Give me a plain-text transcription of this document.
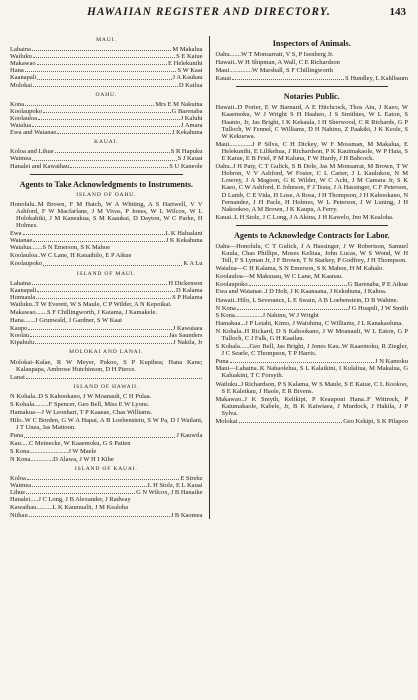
HAWAIIAN REGISTER AND DIRECTORY.	143
MAUI.
Lahaina	M Makalua
Wailuku	S E Kaiue
Makawao	E Helekunihi
Hana	S W Kaai
Kaanapali	J A Kaukau
Molokai	D Kailua
OAHU.
Kona	Mrs E M Nakuina
Koolaupoko	G Barenaba
Koolauloa	J Kaluhi
Waialua	J Amara
Ewa and Waianae	J Kekahuna
KAUAI.
Koloa and Lihue	S R Hapuku
Waimea	S J Kauai
Hanalei and Kawaihau	S U Kaneole
Agents to Take Acknowledgments to Instruments.
ISLAND OF OAHU.
Honolulu..M Brown, F M Hatch, W A Whiting, A S Hartwell, V V Ashford, F W Macfarlane, J M Vivas, P Jones, W L Wilcox, W L Holokahiki, J M Kaneakua, S M Kaaukai, D Dayton, W C Parke, H Holmes.
Ewa	L K Halualani
Waianae	J K Kekahuna
Waialua.......S N Emerson, S K Mahoe
Koolauloa..W C Lane, H Kauaihilo, E P Aikue
Koolaupoko	K A Lu
ISLAND OF MAUI.
Lahaina	H Dickenson
Kaanapali	D Kalama
Honuaula	S P Halama
Wailuku..T W Everett, W S Maule, C P Wilder, A N Kepoikai.
Makawao.......S F Chillingworth, J Kaiama, J Kamakele.
Hana.......J Grunwald, J Gardner, S W Kaai
Kaupo	J Kawaiaea
Koolau	Jas Saunders
Kipahulu	J Nakila, Jr
MOLOKAI AND LANAI.
Molokai–Kalae, R W Meyer, Pukoo, S P Kupihea; Hana Kane; Kalaupapa, Ambrose Hutchinson, D H Pierce.
Lanai
ISLAND OF HAWAII.
N Kohala..D S Kahookano, J W Moanauli, C H Pulaa.
S Kohala.........F Spencer, Geo Bell, Miss E W Lyons.
Hamakua—J W Leonhart, T P Kaaeae, Chas Williams.
Hilo..W C Borden, G W A Hapai, A B Loebenstein, S W Pa, D I Wailani, J T Unea, Jas Mattoon.
Puna	J Kauwila
Kau.....C Meinecke, W Kaaemoku, G S Patten
S Kona........................J W Maele
N Kona..............D Alawa, J W H I Kihe
ISLAND OF KAUAI.
Koloa	E Strehz
Waimea	L H Stolz, E L Kauai
Lihue	G N Wilcox, J B Hanaike
Hanalei.....J C Long, J B Alexander, J Radway
Kawaihau..........L K Kaumualii, J M Kealoha
Niihau	J B Kaomea
Inspectors of Animals.
Oahu.......W T Monsarratt, V S, P Isenberg Jr.
Hawaii..W H Shipman, A Wall, C E Richardson
Maui..............W Marshall, S F Chillingworth
Kauai	S Hundley, L Kahlbaum
Notaries Public.
Hawaii..D Porter, E W Barnard, A E Hitchcock, Thos Aiu, J Kaeo, W Kaaemoku, W J Wright S H Haaheo, J S Smithies, W L Eaton, S Haanio, Jr, Jas Bright, I K Kekaula, I H Sherwood, C R Richards, G P Tulloch, W Fennel, C Williams, D H Nahinu, Z Paakiki, J K Keole, S W Kekuewa.
Maui..............J P Silva, C H Dickey, W F Mossman, M Makalua, E Helekunihi, E Lilikehua, J Richardson, P K Kauimakaole, W P Haia, S E Kaiue, E B Friel, P M Kaluna, F W Hardy, J H Babcock.
Oahu..J H Paty, C T Gulick, S B Dole, Jas M Monsarrat, M Brown, T W Hobron, V V Ashford, W Foster, C L Carter, J L Kaulukou, N M Lowrey, J A Magoon, G K Wilder, W C Achi, J M Camara Jr, S K Kaeo, C W Ashford, E Johnson, F J Testa, J A Hassinger, C F Peterson, D Lamb, C E Vida, H Lose, A Rosa, J H Thompson, J H Kahookano, N Fernandez, J H Pacle, H Holmes, W L Peterson, J W Luning, J H Nakookoo, A M Brown, J K Kaupu, A Ferry.
Kauai..L H Stolz, J C Long, J A Akina, J H Kawelo, Jno M Kealoha.
Agents to Acknowledge Contracts for Labor.
Oahu—Honolulu, C T Gulick, J A Hassinger, J W Robertson, Samuel Kuula, Chas Phillips, Moses Keliiaa, John Lucas, W S Wond, W H Tell, F S Lyman Jr, J F Brown, T N Starkey, P Godfrey, J H Thompson.
Waialua—C H Kalama, S N Emerson, S K Mahoe, H M Kahalo.
Koolauloa—M Makuuau, W C Lane, M Kaanau.
Koolaupoko	G Barenaba, P E Aikue
Ewa and Waianae..J D Holt, J K Kaanaana, J Kekuhuna, J Kahoa.
Hawaii..Hilo, L Severance, L E Swain, A B Loebenstein, D B Wahine.
N Kona	J G Hoapili, J W Smith
S Kona.................J Nahinu, W J Wright
Hamakua...J P Leiahi, Kimo, J Waiohinu, C Williams, J L Kanakaoluna.
N Kohala..H Rickard, D S Kahookano, J W Moanauli, W L Eaton, G P Tulloch, C J Falk, G H Kaailau.
S Kohala......Geo Bell, Jas Bright, J Jones Kau..W Kaaemoku, R Ziegler, J C Searle, C Thompson, T P Harris.
Puna	J N Kamoku
Maui—Lahaina..K Nahaolelua, S L Kalaikini, I Kulaliua, M Makalua, G Kaluakini, T C Forsyth.
Wailuku..J Richardson, P S Kalama, W S Maule, S E Kaiue, C L Kookoo, S E Kaleikau, J Haole, E R Bivens.
Makawao..J K Smyth, Kelikipi, P Keauponi Hana..F Wittrock, P Kaiumakaole, Kabele, Jr, B K Kaiwiaea, J Murdock, J Hakila, J P Sylva.
Molokai	Geo Kekipi, S K Pilapoo
